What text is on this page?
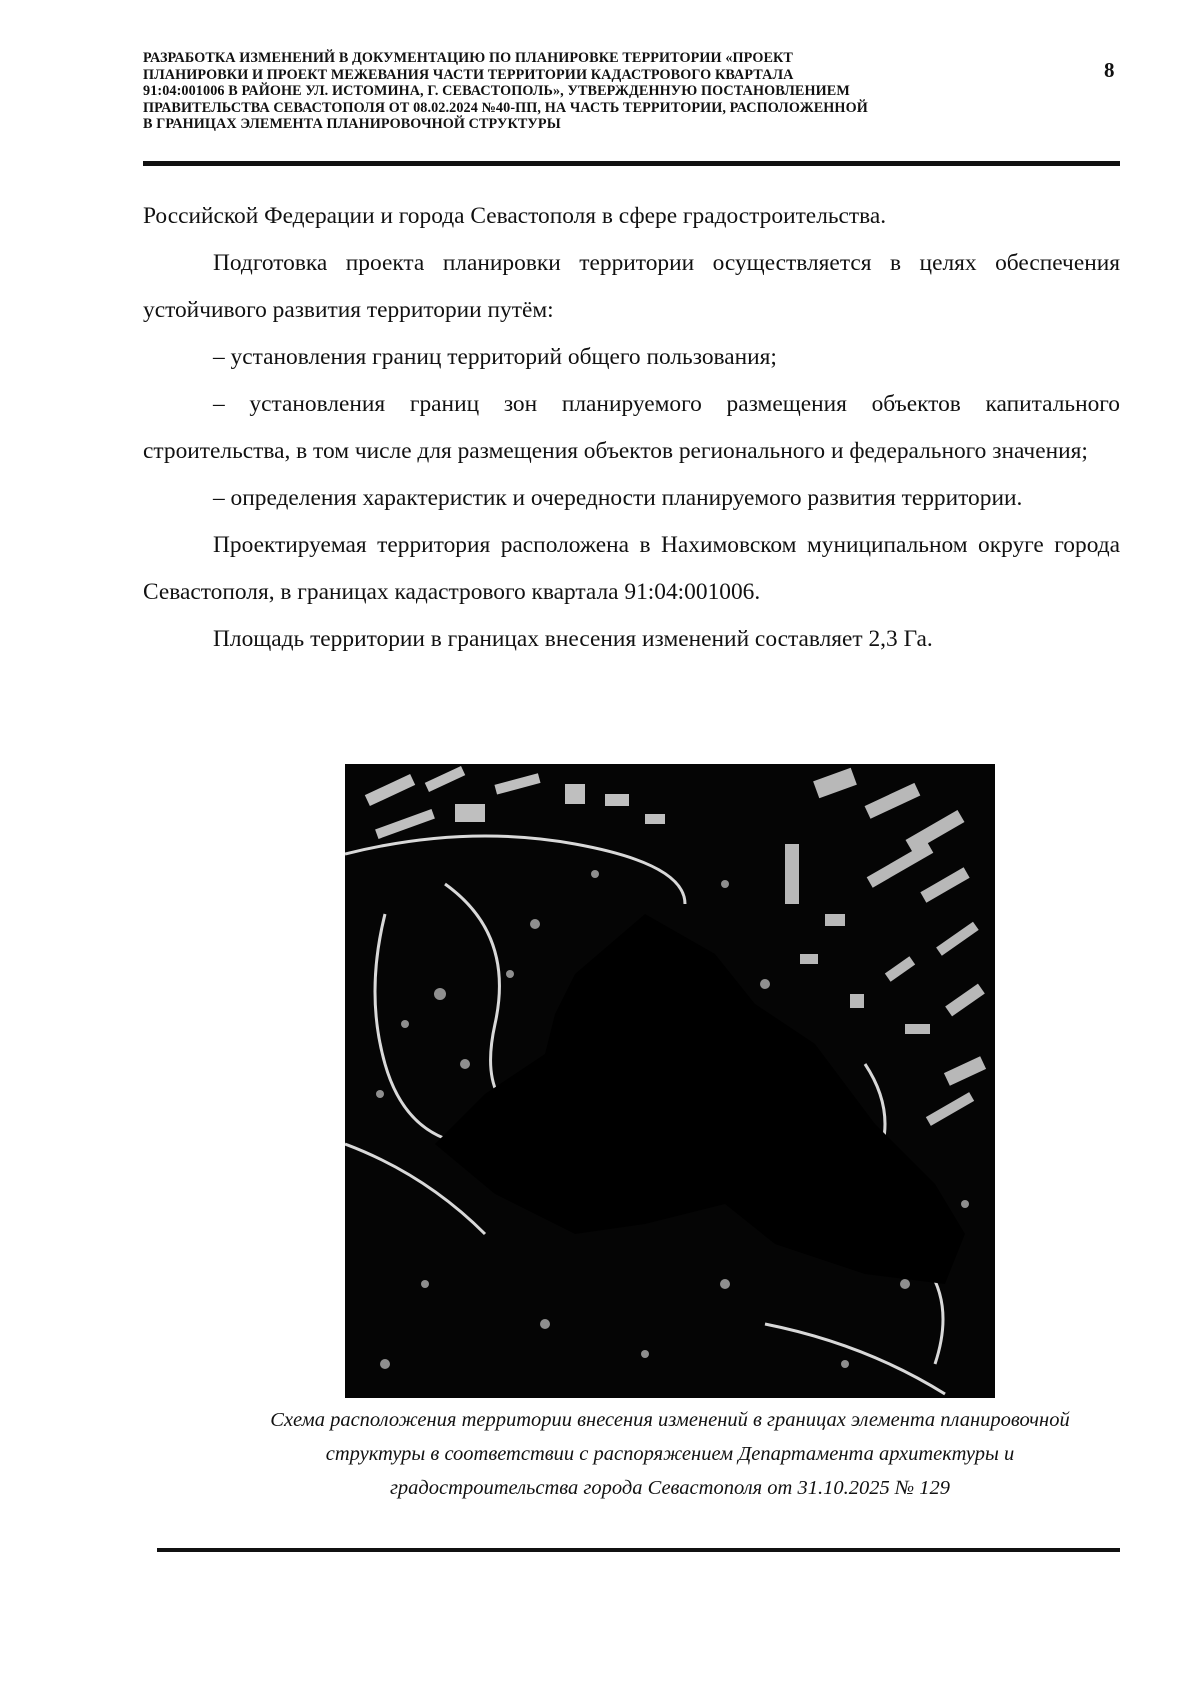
РАЗРАБОТКА ИЗМЕНЕНИЙ В ДОКУМЕНТАЦИЮ ПО ПЛАНИРОВКЕ ТЕРРИТОРИИ «ПРОЕКТ
ПЛАНИРОВКИ И ПРОЕКТ МЕЖЕВАНИЯ ЧАСТИ ТЕРРИТОРИИ КАДАСТРОВОГО КВАРТАЛА
91:04:001006 В РАЙОНЕ УЛ. ИСТОМИНА, Г. СЕВАСТОПОЛЬ», УТВЕРЖДЕННУЮ ПОСТАНОВЛЕНИЕМ
ПРАВИТЕЛЬСТВА СЕВАСТОПОЛЯ ОТ 08.02.2024 №40-ПП, НА ЧАСТЬ ТЕРРИТОРИИ, РАСПОЛОЖЕННОЙ
В ГРАНИЦАХ ЭЛЕМЕНТА ПЛАНИРОВОЧНОЙ СТРУКТУРЫ
8

Российской Федерации и города Севастополя в сфере градостроительства.

Подготовка проекта планировки территории осуществляется в целях обеспечения устойчивого развития территории путём:

– установления границ территорий общего пользования;

– установления границ зон планируемого размещения объектов капитального строительства, в том числе для размещения объектов регионального и федерального значения;

– определения характеристик и очередности планируемого развития территории.

Проектируемая территория расположена в Нахимовском муниципальном округе города Севастополя, в границах кадастрового квартала 91:04:001006.

Площадь территории в границах внесения изменений составляет 2,3 Га.

Схема расположения территории внесения изменений в границах элемента планировочной
структуры в соответствии с распоряжением Департамента архитектуры и
градостроительства города Севастополя от 31.10.2025 № 129
